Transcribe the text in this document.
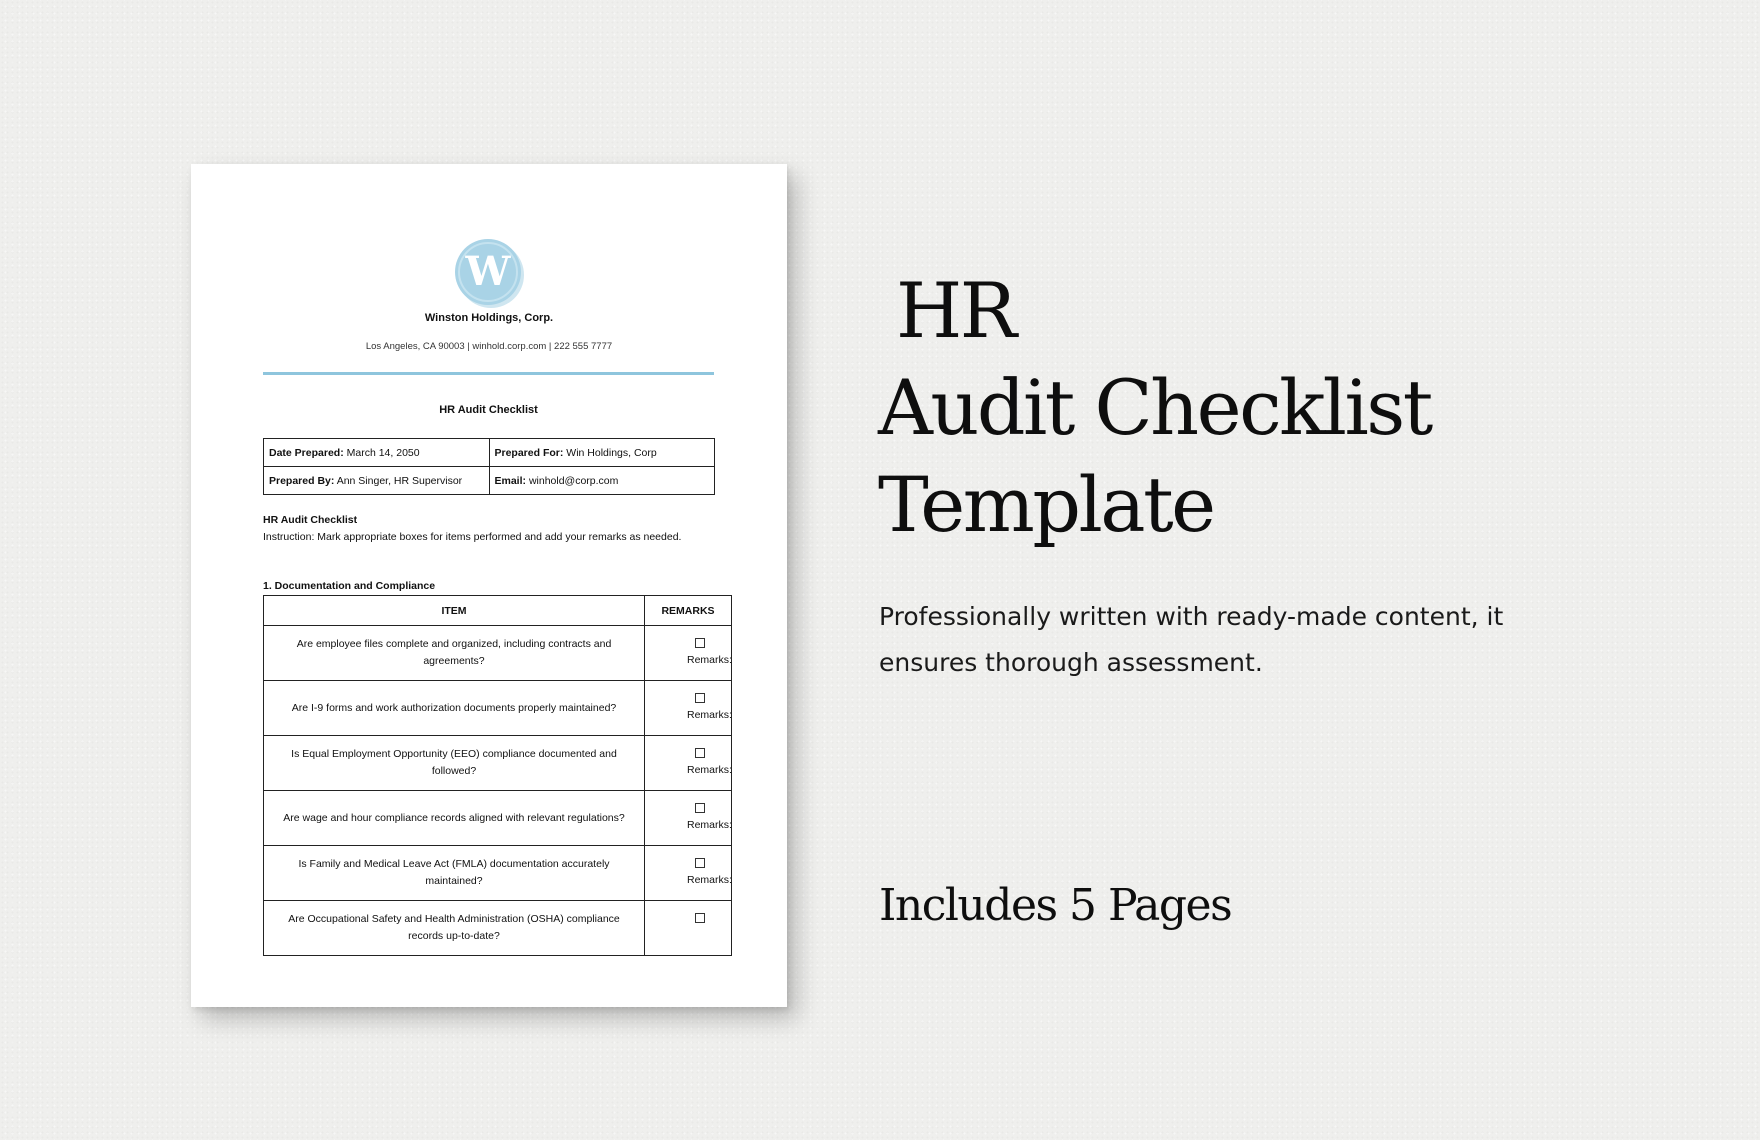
W
Winston Holdings, Corp.
Los Angeles, CA 90003 | winhold.corp.com | 222 555 7777
HR Audit Checklist
Date Prepared: March 14, 2050	Prepared For: Win Holdings, Corp
Prepared By: Ann Singer, HR Supervisor	Email: winhold@corp.com
HR Audit Checklist
Instruction: Mark appropriate boxes for items performed and add your remarks as needed.
1. Documentation and Compliance
ITEM	REMARKS
Are employee files complete and organized, including contracts and agreements?	Remarks:

Are I-9 forms and work authorization documents properly maintained?	Remarks:

Is Equal Employment Opportunity (EEO) compliance documented and followed?	Remarks:

Are wage and hour compliance records aligned with relevant regulations?	Remarks:

Is Family and Medical Leave Act (FMLA) documentation accurately maintained?	Remarks:

Are Occupational Safety and Health Administration (OSHA) compliance records up-to-date?	
HR
Audit Checklist
Template
Professionally written with ready-made content, it ensures thorough assessment.
Includes 5 Pages
